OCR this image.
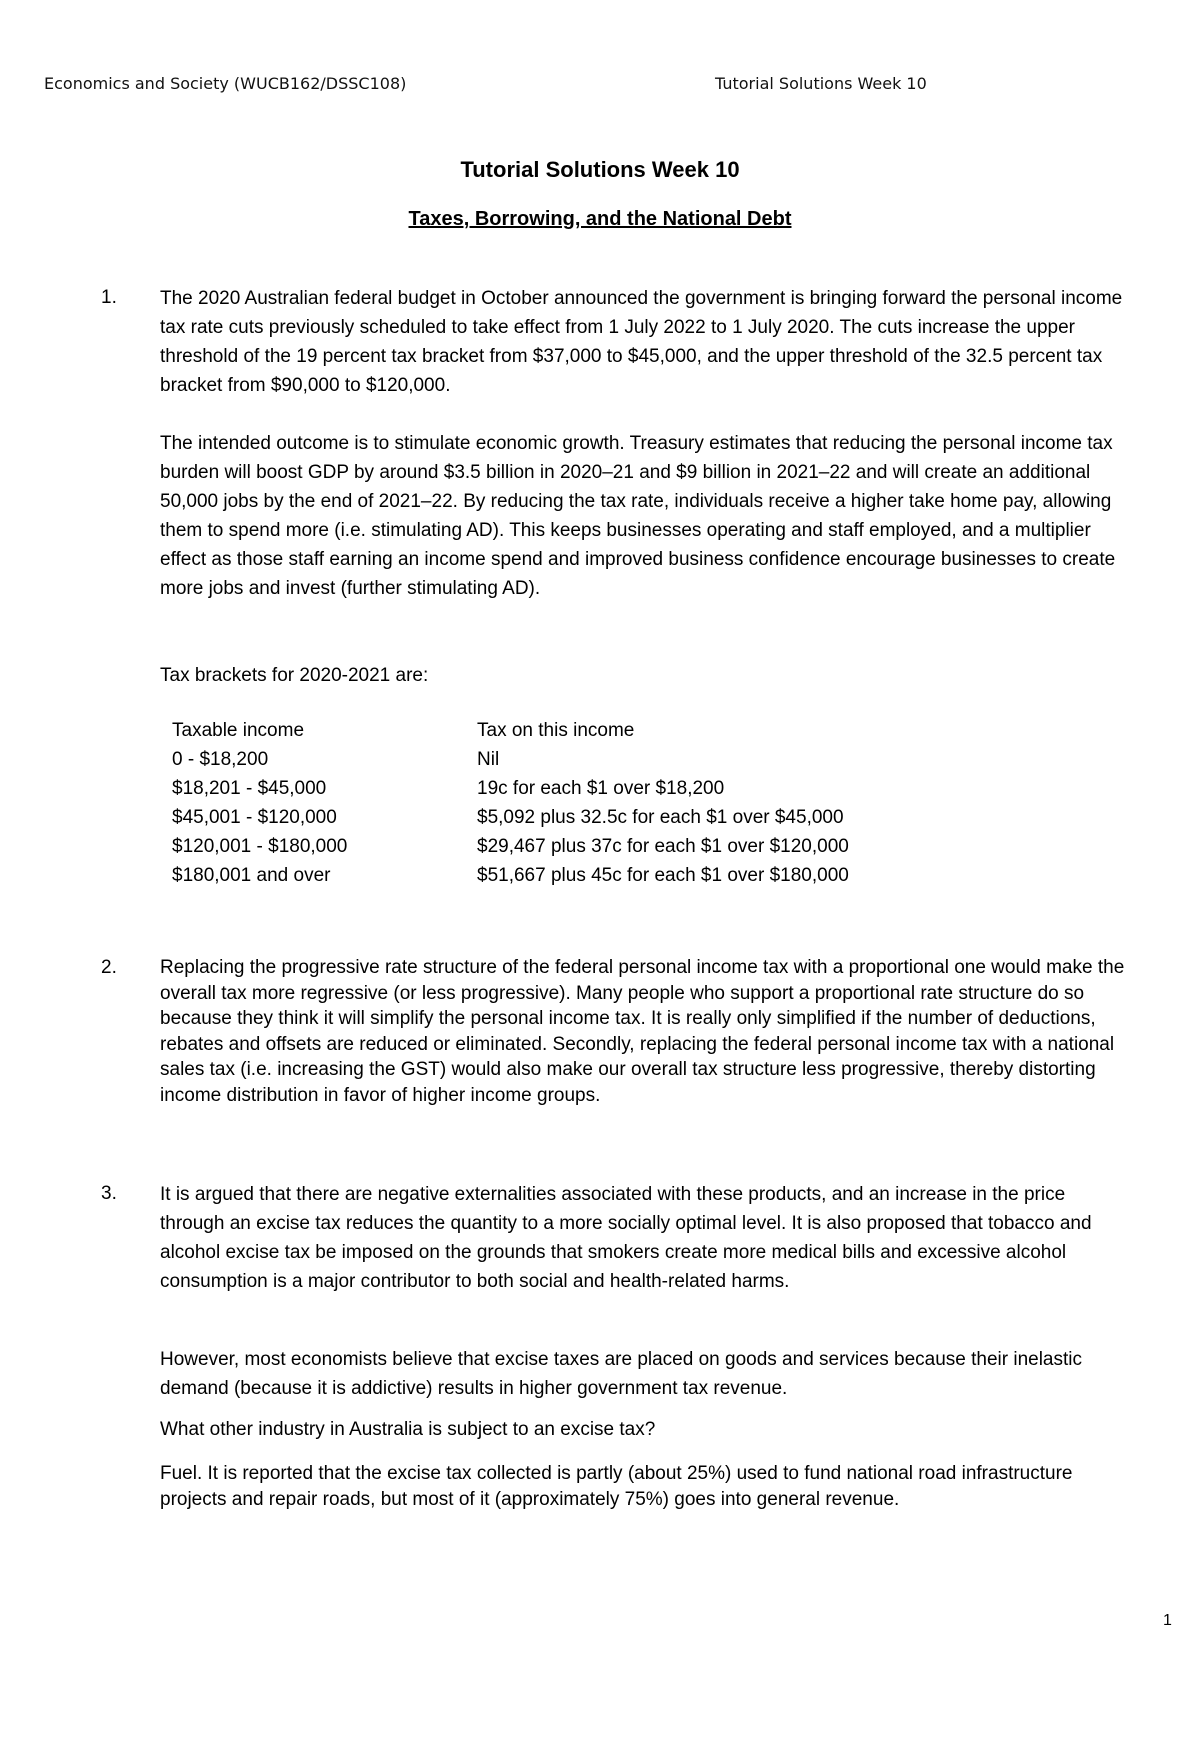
Economics and Society (WUCB162/DSSC108)	Tutorial Solutions Week 10
Tutorial Solutions Week 10
Taxes, Borrowing, and the National Debt
1. The 2020 Australian federal budget in October announced the government is bringing forward the personal income tax rate cuts previously scheduled to take effect from 1 July 2022 to 1 July 2020. The cuts increase the upper threshold of the 19 percent tax bracket from $37,000 to $45,000, and the upper threshold of the 32.5 percent tax bracket from $90,000 to $120,000.

The intended outcome is to stimulate economic growth. Treasury estimates that reducing the personal income tax burden will boost GDP by around $3.5 billion in 2020–21 and $9 billion in 2021–22 and will create an additional 50,000 jobs by the end of 2021–22. By reducing the tax rate, individuals receive a higher take home pay, allowing them to spend more (i.e. stimulating AD). This keeps businesses operating and staff employed, and a multiplier effect as those staff earning an income spend and improved business confidence encourage businesses to create more jobs and invest (further stimulating AD).

Tax brackets for 2020-2021 are:

Taxable income	Tax on this income
0 - $18,200	Nil
$18,201 - $45,000	19c for each $1 over $18,200
$45,001 - $120,000	$5,092 plus 32.5c for each $1 over $45,000
$120,001 - $180,000	$29,467 plus 37c for each $1 over $120,000
$180,001 and over	$51,667 plus 45c for each $1 over $180,000
2. Replacing the progressive rate structure of the federal personal income tax with a proportional one would make the overall tax more regressive (or less progressive). Many people who support a proportional rate structure do so because they think it will simplify the personal income tax. It is really only simplified if the number of deductions, rebates and offsets are reduced or eliminated. Secondly, replacing the federal personal income tax with a national sales tax (i.e. increasing the GST) would also make our overall tax structure less progressive, thereby distorting income distribution in favor of higher income groups.

3. It is argued that there are negative externalities associated with these products, and an increase in the price through an excise tax reduces the quantity to a more socially optimal level. It is also proposed that tobacco and alcohol excise tax be imposed on the grounds that smokers create more medical bills and excessive alcohol consumption is a major contributor to both social and health-related harms.

However, most economists believe that excise taxes are placed on goods and services because their inelastic demand (because it is addictive) results in higher government tax revenue.

What other industry in Australia is subject to an excise tax?

Fuel. It is reported that the excise tax collected is partly (about 25%) used to fund national road infrastructure projects and repair roads, but most of it (approximately 75%) goes into general revenue.

1
